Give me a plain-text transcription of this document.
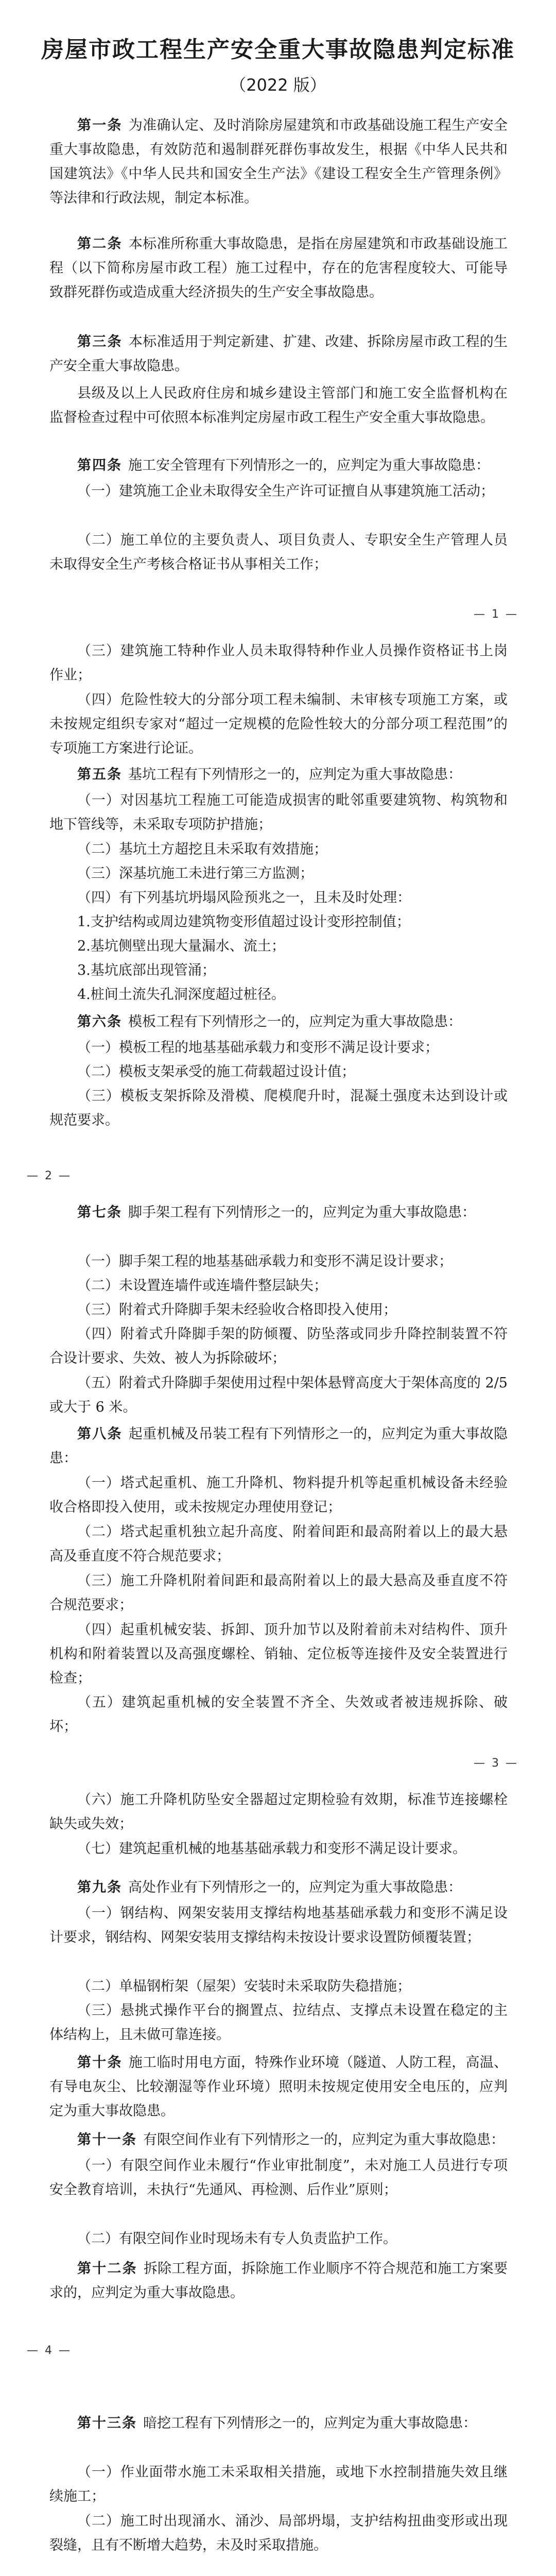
房屋市政工程生产安全重大事故隐患判定标准
（2022 版）

第一条 为准确认定、及时消除房屋建筑和市政基础设施工程生产安全重大事故隐患，有效防范和遏制群死群伤事故发生，根据《中华人民共和国建筑法》《中华人民共和国安全生产法》《建设工程安全生产管理条例》等法律和行政法规，制定本标准。

第二条 本标准所称重大事故隐患，是指在房屋建筑和市政基础设施工程（以下简称房屋市政工程）施工过程中，存在的危害程度较大、可能导致群死群伤或造成重大经济损失的生产安全事故隐患。

第三条 本标准适用于判定新建、扩建、改建、拆除房屋市政工程的生产安全重大事故隐患。

县级及以上人民政府住房和城乡建设主管部门和施工安全监督机构在监督检查过程中可依照本标准判定房屋市政工程生产安全重大事故隐患。

第四条 施工安全管理有下列情形之一的，应判定为重大事故隐患：

（一）建筑施工企业未取得安全生产许可证擅自从事建筑施工活动；

（二）施工单位的主要负责人、项目负责人、专职安全生产管理人员未取得安全生产考核合格证书从事相关工作；

— 1 —

（三）建筑施工特种作业人员未取得特种作业人员操作资格证书上岗作业；

（四）危险性较大的分部分项工程未编制、未审核专项施工方案，或未按规定组织专家对“超过一定规模的危险性较大的分部分项工程范围”的专项施工方案进行论证。

第五条 基坑工程有下列情形之一的，应判定为重大事故隐患：

（一）对因基坑工程施工可能造成损害的毗邻重要建筑物、构筑物和地下管线等，未采取专项防护措施；

（二）基坑土方超挖且未采取有效措施；

（三）深基坑施工未进行第三方监测；

（四）有下列基坑坍塌风险预兆之一，且未及时处理：

1.支护结构或周边建筑物变形值超过设计变形控制值；

2.基坑侧壁出现大量漏水、流土；

3.基坑底部出现管涌；

4.桩间土流失孔洞深度超过桩径。

第六条 模板工程有下列情形之一的，应判定为重大事故隐患：

（一）模板工程的地基基础承载力和变形不满足设计要求；

（二）模板支架承受的施工荷载超过设计值；

（三）模板支架拆除及滑模、爬模爬升时，混凝土强度未达到设计或规范要求。

— 2 —

第七条 脚手架工程有下列情形之一的，应判定为重大事故隐患：

（一）脚手架工程的地基基础承载力和变形不满足设计要求；

（二）未设置连墙件或连墙件整层缺失；

（三）附着式升降脚手架未经验收合格即投入使用；

（四）附着式升降脚手架的防倾覆、防坠落或同步升降控制装置不符合设计要求、失效、被人为拆除破坏；

（五）附着式升降脚手架使用过程中架体悬臂高度大于架体高度的 2/5 或大于 6 米。

第八条 起重机械及吊装工程有下列情形之一的，应判定为重大事故隐患：

（一）塔式起重机、施工升降机、物料提升机等起重机械设备未经验收合格即投入使用，或未按规定办理使用登记；

（二）塔式起重机独立起升高度、附着间距和最高附着以上的最大悬高及垂直度不符合规范要求；

（三）施工升降机附着间距和最高附着以上的最大悬高及垂直度不符合规范要求；

（四）起重机械安装、拆卸、顶升加节以及附着前未对结构件、顶升机构和附着装置以及高强度螺栓、销轴、定位板等连接件及安全装置进行检查；

（五）建筑起重机械的安全装置不齐全、失效或者被违规拆除、破坏；

— 3 —

（六）施工升降机防坠安全器超过定期检验有效期，标准节连接螺栓缺失或失效；

（七）建筑起重机械的地基基础承载力和变形不满足设计要求。

第九条 高处作业有下列情形之一的，应判定为重大事故隐患：

（一）钢结构、网架安装用支撑结构地基基础承载力和变形不满足设计要求，钢结构、网架安装用支撑结构未按设计要求设置防倾覆装置；

（二）单榀钢桁架（屋架）安装时未采取防失稳措施；

（三）悬挑式操作平台的搁置点、拉结点、支撑点未设置在稳定的主体结构上，且未做可靠连接。

第十条 施工临时用电方面，特殊作业环境（隧道、人防工程，高温、有导电灰尘、比较潮湿等作业环境）照明未按规定使用安全电压的，应判定为重大事故隐患。

第十一条 有限空间作业有下列情形之一的，应判定为重大事故隐患：

（一）有限空间作业未履行“作业审批制度”，未对施工人员进行专项安全教育培训，未执行“先通风、再检测、后作业”原则；

（二）有限空间作业时现场未有专人负责监护工作。

第十二条 拆除工程方面，拆除施工作业顺序不符合规范和施工方案要求的，应判定为重大事故隐患。

— 4 —

第十三条 暗挖工程有下列情形之一的，应判定为重大事故隐患：

（一）作业面带水施工未采取相关措施，或地下水控制措施失效且继续施工；

（二）施工时出现涌水、涌沙、局部坍塌，支护结构扭曲变形或出现裂缝，且有不断增大趋势，未及时采取措施。
